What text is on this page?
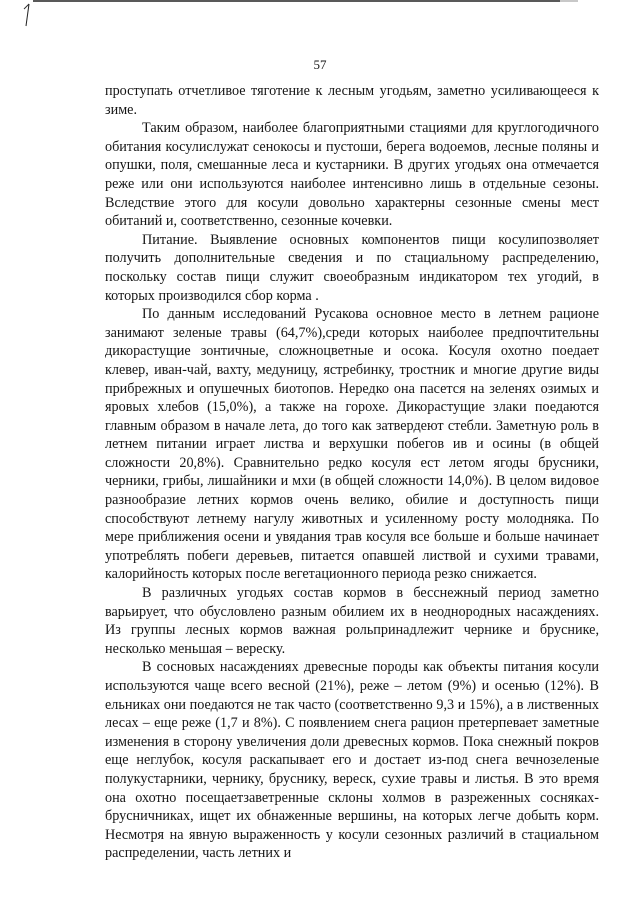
57

проступать отчетливое тяготение к лесным угодьям, заметно усиливающееся к зиме.

Таким образом, наиболее благоприятными стациями для круглогодичного обитания косулислужат сенокосы и пустоши, берега водоемов, лесные поляны и опушки, поля, смешанные леса и кустарники. В других угодьях она отмечается реже или они используются наиболее интенсивно лишь в отдельные сезоны. Вследствие этого для косули довольно характерны сезонные смены мест обитаний и, соответственно, сезонные кочевки.

Питание. Выявление основных компонентов пищи косулипозволяет получить дополнительные сведения и по стациальному распределению, поскольку состав пищи служит своеобразным индикатором тех угодий, в которых производился сбор корма .

По данным исследований Русакова основное место в летнем рационе занимают зеленые травы (64,7%),среди которых наиболее предпочтительны дикорастущие зонтичные, сложноцветные и осока. Косуля охотно поедает клевер, иван-чай, вахту, медуницу, ястребинку, тростник и многие другие виды прибрежных и опушечных биотопов. Нередко она пасется на зеленях озимых и яровых хлебов (15,0%), а также на горохе. Дикорастущие злаки поедаются главным образом в начале лета, до того как затвердеют стебли. Заметную роль в летнем питании играет листва и верхушки побегов ив и осины (в общей сложности 20,8%). Сравнительно редко косуля ест летом ягоды брусники, черники, грибы, лишайники и мхи (в общей сложности 14,0%). В целом видовое разнообразие летних кормов очень велико, обилие и доступность пищи способствуют летнему нагулу животных и усиленному росту молодняка. По мере приближения осени и увядания трав косуля все больше и больше начинает употреблять побеги деревьев, питается опавшей листвой и сухими травами, калорийность которых после вегетационного периода резко снижается.

В различных угодьях состав кормов в бесснежный период заметно варьирует, что обусловлено разным обилием их в неоднородных насаждениях. Из группы лесных кормов важная рольпринадлежит чернике и бруснике, несколько меньшая – вереску.

В сосновых насаждениях древесные породы как объекты питания косули используются чаще всего весной (21%), реже – летом (9%) и осенью (12%). В ельниках они поедаются не так часто (соответственно 9,3 и 15%), а в лиственных лесах – еще реже (1,7 и 8%). С появлением снега рацион претерпевает заметные изменения в сторону увеличения доли древесных кормов. Пока снежный покров еще неглубок, косуля раскапывает его и достает из-под снега вечнозеленые полукустарники, чернику, бруснику, вереск, сухие травы и листья. В это время она охотно посещаетзаветренные склоны холмов в разреженных сосняках-брусничниках, ищет их обнаженные вершины, на которых легче добыть корм. Несмотря на явную выраженность у косули сезонных различий в стациальном распределении, часть летних и
